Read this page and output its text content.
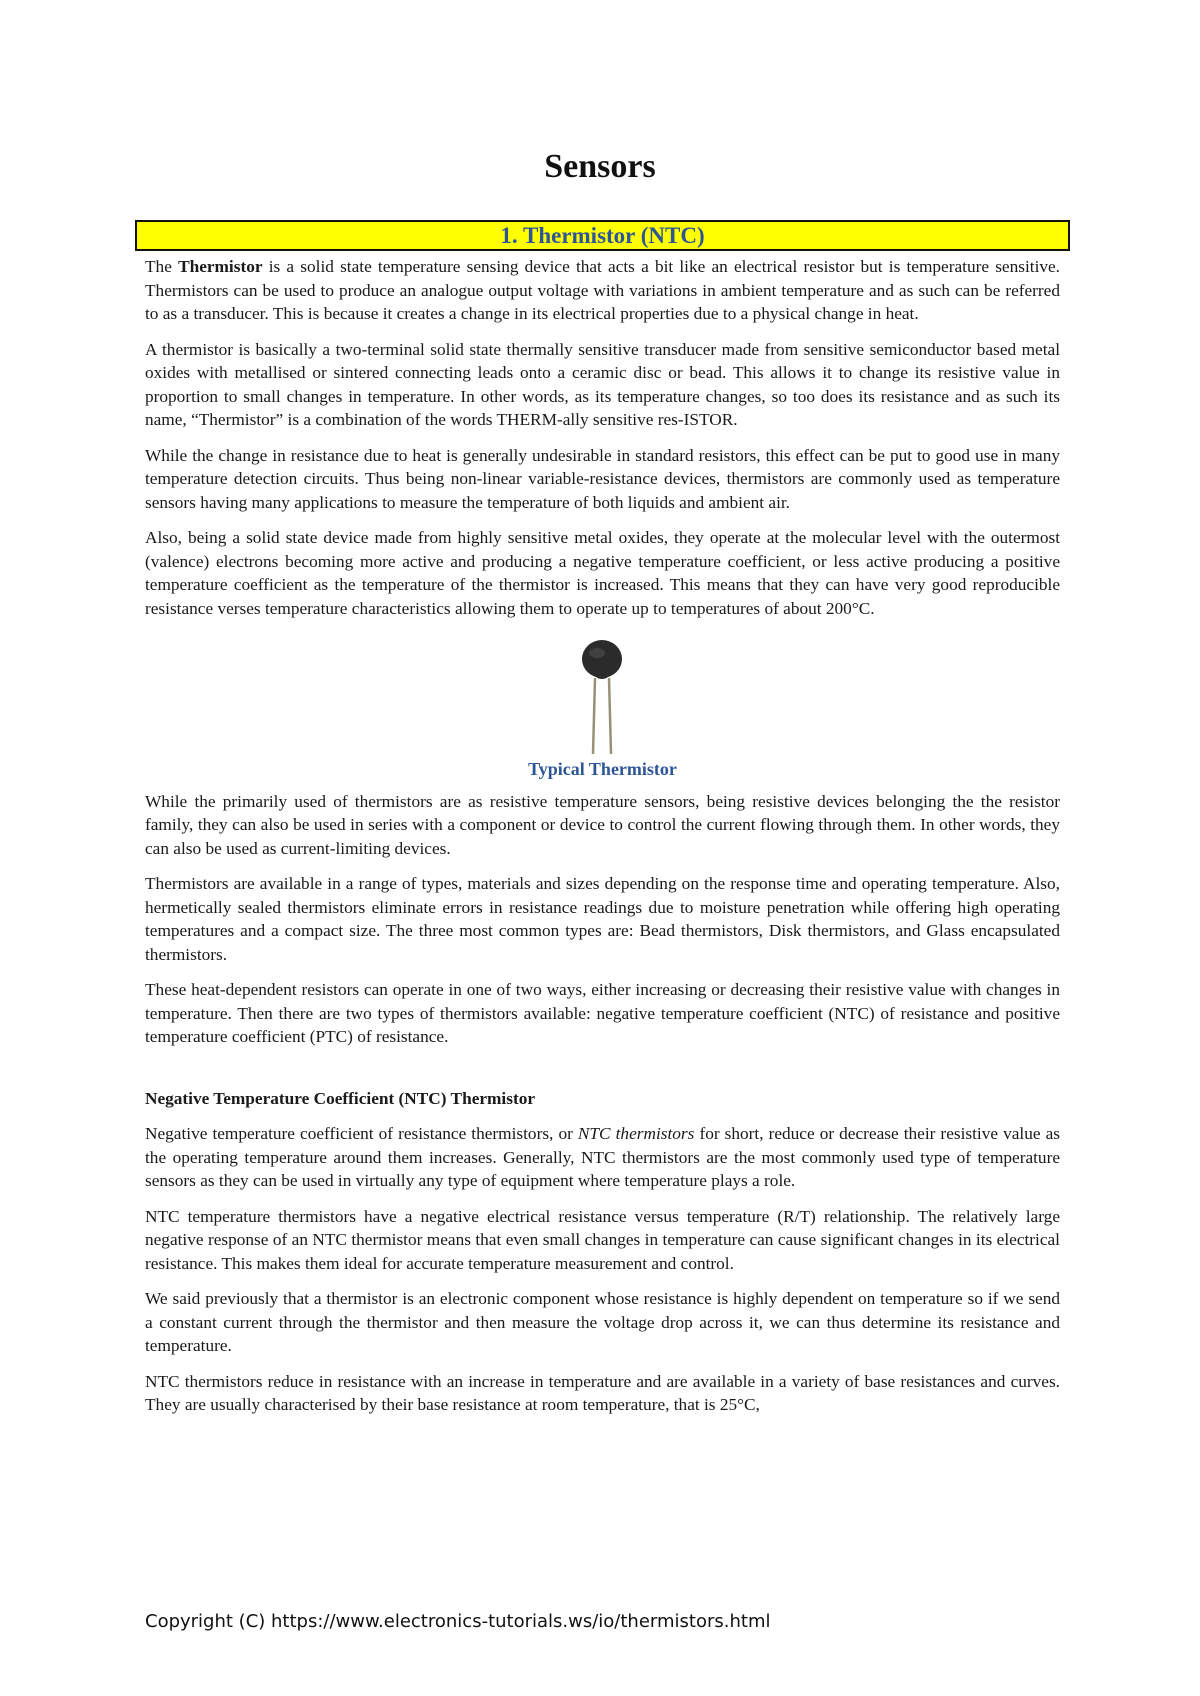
Sensors
1. Thermistor (NTC)

The Thermistor is a solid state temperature sensing device that acts a bit like an electrical resistor but is temperature sensitive. Thermistors can be used to produce an analogue output voltage with variations in ambient temperature and as such can be referred to as a transducer. This is because it creates a change in its electrical properties due to a physical change in heat.

A thermistor is basically a two-terminal solid state thermally sensitive transducer made from sensitive semiconductor based metal oxides with metallised or sintered connecting leads onto a ceramic disc or bead. This allows it to change its resistive value in proportion to small changes in temperature. In other words, as its temperature changes, so too does its resistance and as such its name, “Thermistor” is a combination of the words THERM-ally sensitive res-ISTOR.

While the change in resistance due to heat is generally undesirable in standard resistors, this effect can be put to good use in many temperature detection circuits. Thus being non-linear variable-resistance devices, thermistors are commonly used as temperature sensors having many applications to measure the temperature of both liquids and ambient air.

Also, being a solid state device made from highly sensitive metal oxides, they operate at the molecular level with the outermost (valence) electrons becoming more active and producing a negative temperature coefficient, or less active producing a positive temperature coefficient as the temperature of the thermistor is increased. This means that they can have very good reproducible resistance verses temperature characteristics allowing them to operate up to temperatures of about 200°C.

Typical Thermistor

While the primarily used of thermistors are as resistive temperature sensors, being resistive devices belonging the the resistor family, they can also be used in series with a component or device to control the current flowing through them. In other words, they can also be used as current-limiting devices.

Thermistors are available in a range of types, materials and sizes depending on the response time and operating temperature. Also, hermetically sealed thermistors eliminate errors in resistance readings due to moisture penetration while offering high operating temperatures and a compact size. The three most common types are: Bead thermistors, Disk thermistors, and Glass encapsulated thermistors.

These heat-dependent resistors can operate in one of two ways, either increasing or decreasing their resistive value with changes in temperature. Then there are two types of thermistors available: negative temperature coefficient (NTC) of resistance and positive temperature coefficient (PTC) of resistance.

Negative Temperature Coefficient (NTC) Thermistor

Negative temperature coefficient of resistance thermistors, or NTC thermistors for short, reduce or decrease their resistive value as the operating temperature around them increases. Generally, NTC thermistors are the most commonly used type of temperature sensors as they can be used in virtually any type of equipment where temperature plays a role.

NTC temperature thermistors have a negative electrical resistance versus temperature (R/T) relationship. The relatively large negative response of an NTC thermistor means that even small changes in temperature can cause significant changes in its electrical resistance. This makes them ideal for accurate temperature measurement and control.

We said previously that a thermistor is an electronic component whose resistance is highly dependent on temperature so if we send a constant current through the thermistor and then measure the voltage drop across it, we can thus determine its resistance and temperature.

NTC thermistors reduce in resistance with an increase in temperature and are available in a variety of base resistances and curves. They are usually characterised by their base resistance at room temperature, that is 25°C,

Copyright (C) https://www.electronics-tutorials.ws/io/thermistors.html
